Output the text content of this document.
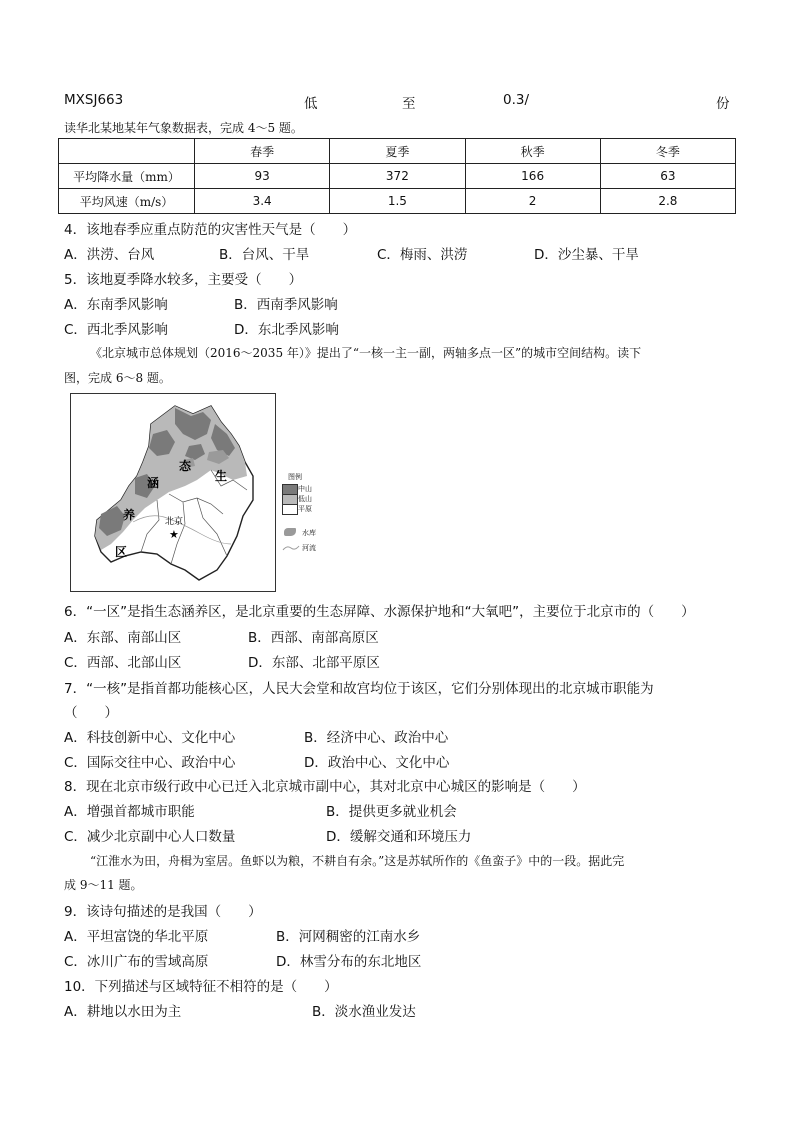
MXSJ663	低	至	0.3/	份
读华北某地某年气象数据表，完成 4～5 题。
	春季	夏季	秋季	冬季
平均降水量（mm）	93	372	166	63
平均风速（m/s）	3.4	1.5	2	2.8
4．该地春季应重点防范的灾害性天气是（　　）
A．洪涝、台风	B．台风、干旱	C．梅雨、洪涝	D．沙尘暴、干旱
5．该地夏季降水较多，主要受（　　）
A．东南季风影响	B．西南季风影响
C．西北季风影响	D．东北季风影响
《北京城市总体规划（2016～2035 年）》提出了“一核一主一副，两轴多点一区”的城市空间结构。读下
图，完成 6～8 题。
涵
态
生
养
区
北京
★
图例
中山
低山
平原
水库
河流
6．“一区”是指生态涵养区，是北京重要的生态屏障、水源保护地和“大氧吧”，主要位于北京市的（　　）
A．东部、南部山区	B．西部、南部高原区
C．西部、北部山区	D．东部、北部平原区
7．“一核”是指首都功能核心区，人民大会堂和故宫均位于该区，它们分别体现出的北京城市职能为
（　　）
A．科技创新中心、文化中心	B．经济中心、政治中心
C．国际交往中心、政治中心	D．政治中心、文化中心
8．现在北京市级行政中心已迁入北京城市副中心，其对北京中心城区的影响是（　　）
A．增强首都城市职能	B．提供更多就业机会
C．减少北京副中心人口数量	D．缓解交通和环境压力
“江淮水为田，舟楫为室居。鱼虾以为粮，不耕自有余。”这是苏轼所作的《鱼蛮子》中的一段。据此完
成 9～11 题。
9．该诗句描述的是我国（　　）
A．平坦富饶的华北平原	B．河网稠密的江南水乡
C．冰川广布的雪域高原	D．林雪分布的东北地区
10．下列描述与区域特征不相符的是（　　）
A．耕地以水田为主	B．淡水渔业发达
